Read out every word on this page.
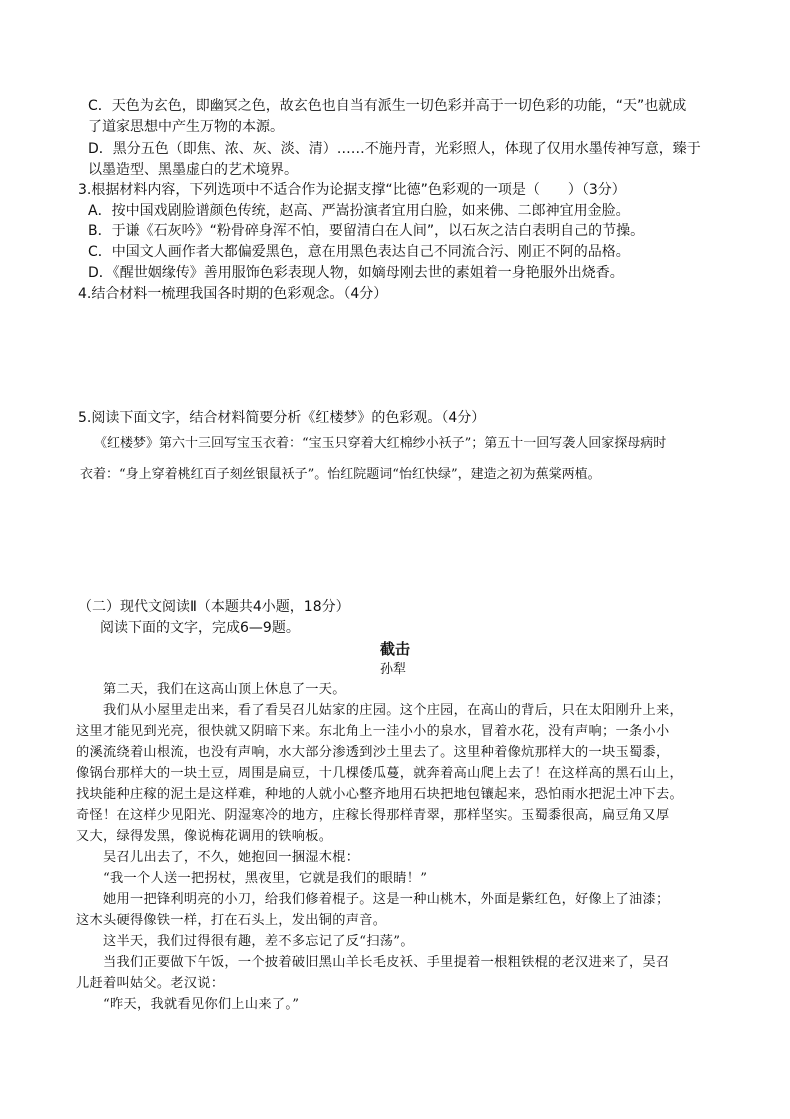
C．天色为玄色，即幽冥之色，故玄色也自当有派生一切色彩并高于一切色彩的功能，“天”也就成
了道家思想中产生万物的本源。
D．黑分五色（即焦、浓、灰、淡、清）……不施丹青，光彩照人，体现了仅用水墨传神写意，臻于
以墨造型、黑墨虚白的艺术境界。
3.根据材料内容，下列选项中不适合作为论据支撑“比德”色彩观的一项是（　　）（3分）
A．按中国戏剧脸谱颜色传统，赵高、严嵩扮演者宜用白脸，如来佛、二郎神宜用金脸。
B．于谦《石灰吟》“粉骨碎身浑不怕，要留清白在人间”，以石灰之洁白表明自己的节操。
C．中国文人画作者大都偏爱黑色，意在用黑色表达自己不同流合污、刚正不阿的品格。
D．《醒世姻缘传》善用服饰色彩表现人物，如嫡母刚去世的素姐着一身艳服外出烧香。
4.结合材料一梳理我国各时期的色彩观念。（4分）
5.阅读下面文字，结合材料简要分析《红楼梦》的色彩观。（4分）
《红楼梦》第六十三回写宝玉衣着：“宝玉只穿着大红棉纱小袄子”；第五十一回写袭人回家探母病时
衣着：“身上穿着桃红百子刻丝银鼠袄子”。怡红院题词“怡红快绿”，建造之初为蕉棠两植。
（二）现代文阅读Ⅱ（本题共4小题，18分）
阅读下面的文字，完成6—9题。
截击
孙犁
第二天，我们在这高山顶上休息了一天。
我们从小屋里走出来，看了看吴召儿姑家的庄园。这个庄园，在高山的背后，只在太阳刚升上来，
这里才能见到光亮，很快就又阴暗下来。东北角上一洼小小的泉水，冒着水花，没有声响；一条小小
的溪流绕着山根流，也没有声响，水大部分渗透到沙土里去了。这里种着像炕那样大的一块玉蜀黍，
像锅台那样大的一块土豆，周围是扁豆，十几棵倭瓜蔓，就奔着高山爬上去了！在这样高的黑石山上，
找块能种庄稼的泥土是这样难，种地的人就小心整齐地用石块把地包镶起来，恐怕雨水把泥土冲下去。
奇怪！在这样少见阳光、阴湿寒冷的地方，庄稼长得那样青翠，那样坚实。玉蜀黍很高，扁豆角又厚
又大，绿得发黑，像说梅花调用的铁响板。
吴召儿出去了，不久，她抱回一捆湿木棍：
“我一个人送一把拐杖，黑夜里，它就是我们的眼睛！”
她用一把锋利明亮的小刀，给我们修着棍子。这是一种山桃木，外面是紫红色，好像上了油漆；
这木头硬得像铁一样，打在石头上，发出铜的声音。
这半天，我们过得很有趣，差不多忘记了反“扫荡”。
当我们正要做下午饭，一个披着破旧黑山羊长毛皮袄、手里提着一根粗铁棍的老汉进来了，吴召
儿赶着叫姑父。老汉说：
“昨天，我就看见你们上山来了。”
